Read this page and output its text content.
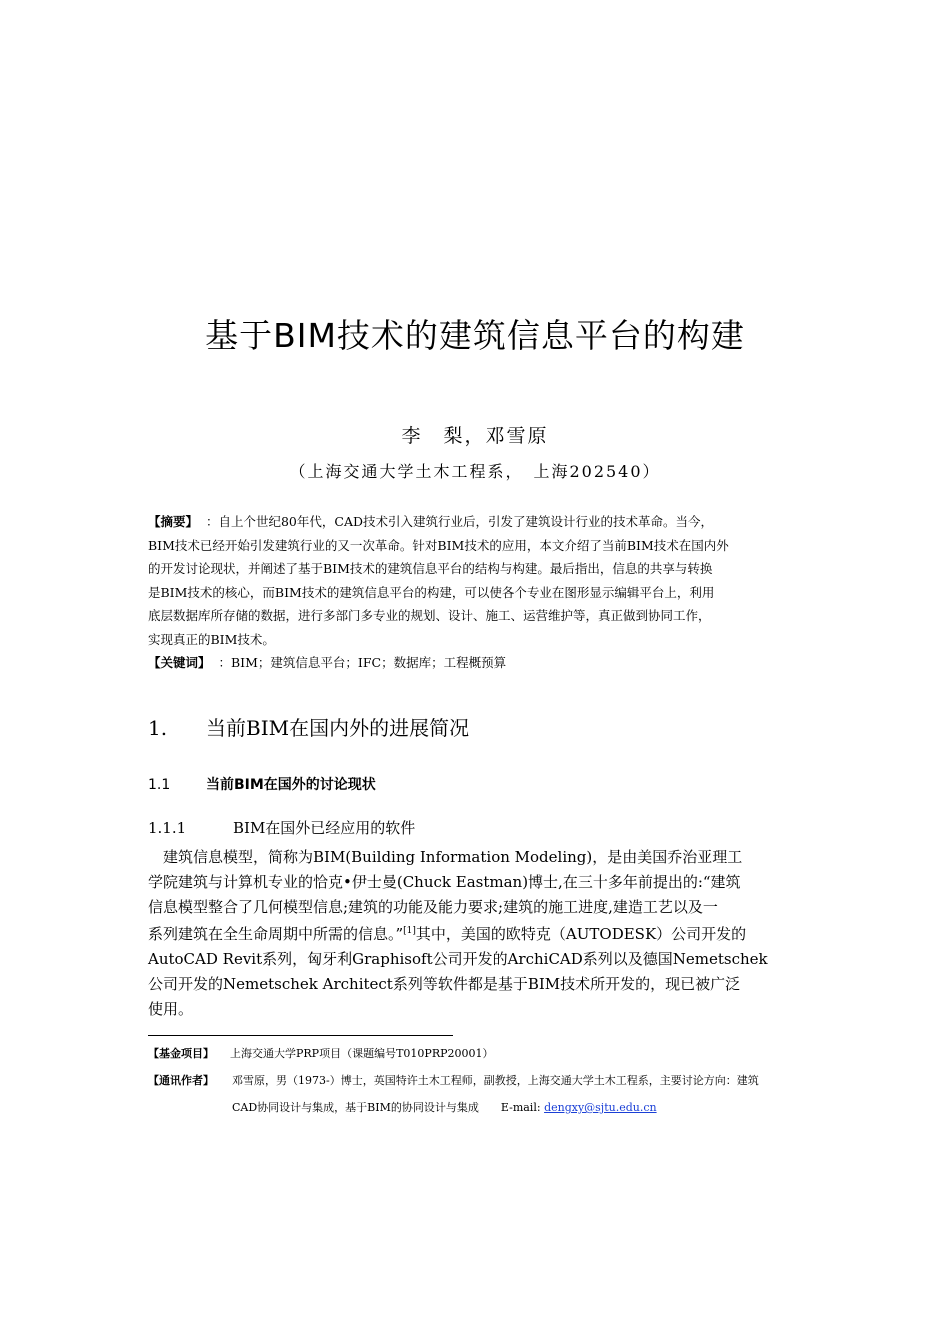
基于BIM技术的建筑信息平台的构建
李　梨，邓雪原
（上海交通大学土木工程系，　上海202540）
【摘要】 ：自上个世纪80年代，CAD技术引入建筑行业后，引发了建筑设计行业的技术革命。当今，
BIM技术已经开始引发建筑行业的又一次革命。针对BIM技术的应用，本文介绍了当前BIM技术在国内外
的开发讨论现状，并阐述了基于BIM技术的建筑信息平台的结构与构建。最后指出，信息的共享与转换
是BIM技术的核心，而BIM技术的建筑信息平台的构建，可以使各个专业在图形显示编辑平台上，利用
底层数据库所存储的数据，进行多部门多专业的规划、设计、施工、运营维护等，真正做到协同工作，
实现真正的BIM技术。
【关键词】 ：BIM；建筑信息平台；IFC；数据库；工程概预算
1. 当前BIM在国内外的进展简况
1.1	当前BIM在国外的讨论现状
1.1.1	BIM在国外已经应用的软件
　建筑信息模型，简称为BIM(Building Information Modeling)，是由美国乔治亚理工
学院建筑与计算机专业的恰克•伊士曼(Chuck Eastman)博士,在三十多年前提出的:“建筑
信息模型整合了几何模型信息;建筑的功能及能力要求;建筑的施工进度,建造工艺以及一
系列建筑在全生命周期中所需的信息。”[1]其中，美国的欧特克（AUTODESK）公司开发的
AutoCAD Revit系列，匈牙利Graphisoft公司开发的ArchiCAD系列以及德国Nemetschek
公司开发的Nemetschek Architect系列等软件都是基于BIM技术所开发的，现已被广泛
使用。
【基金项目】 上海交通大学PRP项目（课题编号T010PRP20001）
【通讯作者】 邓雪原，男（1973-）博士，英国特许土木工程师，副教授，上海交通大学土木工程系，主要讨论方向：建筑
CAD协同设计与集成，基于BIM的协同设计与集成　　E-mail: dengxy@sjtu.edu.cn
